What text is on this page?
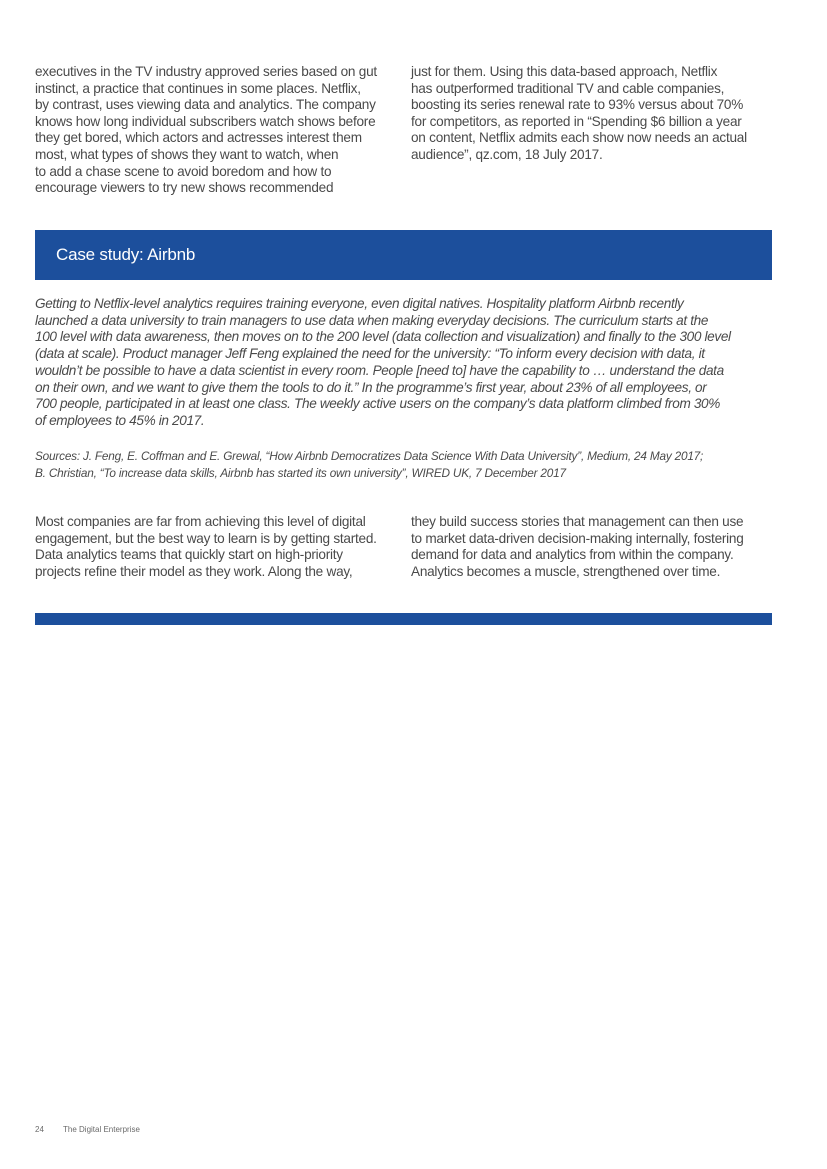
executives in the TV industry approved series based on gut
instinct, a practice that continues in some places. Netflix,
by contrast, uses viewing data and analytics. The company
knows how long individual subscribers watch shows before
they get bored, which actors and actresses interest them
most, what types of shows they want to watch, when
to add a chase scene to avoid boredom and how to
encourage viewers to try new shows recommended
just for them. Using this data-based approach, Netflix
has outperformed traditional TV and cable companies,
boosting its series renewal rate to 93% versus about 70%
for competitors, as reported in “Spending $6 billion a year
on content, Netflix admits each show now needs an actual
audience”, qz.com, 18 July 2017.
Case study: Airbnb
Getting to Netflix-level analytics requires training everyone, even digital natives. Hospitality platform Airbnb recently
launched a data university to train managers to use data when making everyday decisions. The curriculum starts at the
100 level with data awareness, then moves on to the 200 level (data collection and visualization) and finally to the 300 level
(data at scale). Product manager Jeff Feng explained the need for the university: “To inform every decision with data, it
wouldn’t be possible to have a data scientist in every room. People [need to] have the capability to … understand the data
on their own, and we want to give them the tools to do it.” In the programme’s first year, about 23% of all employees, or
700 people, participated in at least one class. The weekly active users on the company’s data platform climbed from 30%
of employees to 45% in 2017.
Sources: J. Feng, E. Coffman and E. Grewal, “How Airbnb Democratizes Data Science With Data University”, Medium, 24 May 2017;
B. Christian, “To increase data skills, Airbnb has started its own university”, WIRED UK, 7 December 2017
Most companies are far from achieving this level of digital
engagement, but the best way to learn is by getting started.
Data analytics teams that quickly start on high-priority
projects refine their model as they work. Along the way,
they build success stories that management can then use
to market data-driven decision-making internally, fostering
demand for data and analytics from within the company.
Analytics becomes a muscle, strengthened over time.
24 The Digital Enterprise
